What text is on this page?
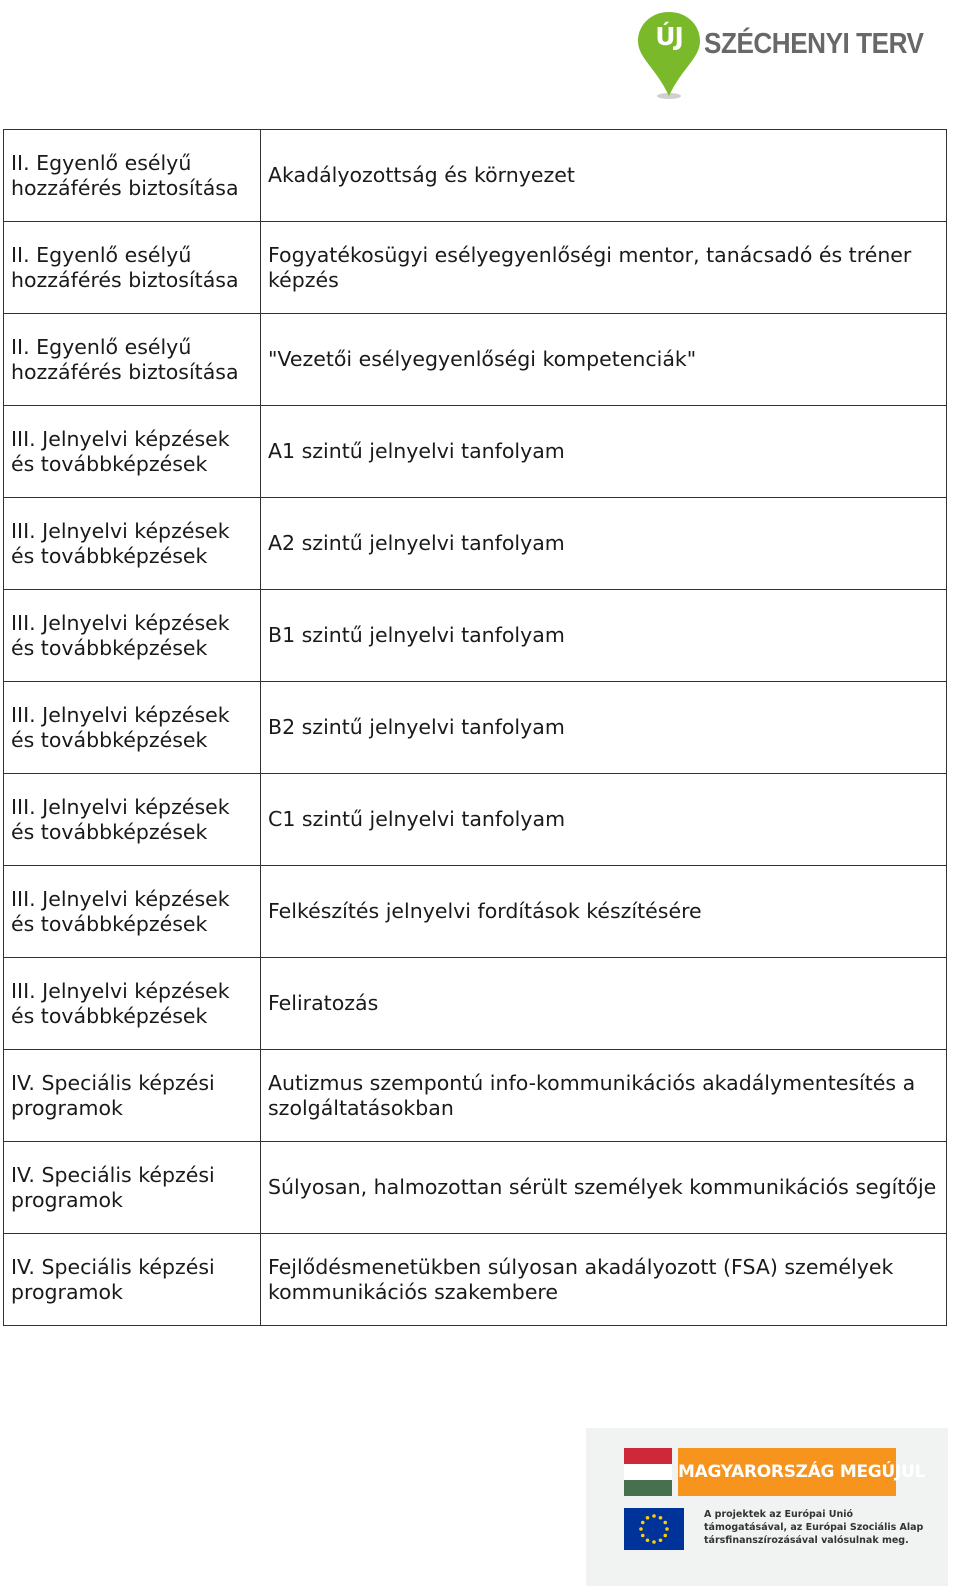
ÚJ SZÉCHENYI TERV
II. Egyenlő esélyű hozzáférés biztosítása	Akadályozottság és környezet
II. Egyenlő esélyű hozzáférés biztosítása	Fogyatékosügyi esélyegyenlőségi mentor, tanácsadó és tréner képzés
II. Egyenlő esélyű hozzáférés biztosítása	"Vezetői esélyegyenlőségi kompetenciák"
III. Jelnyelvi képzések és továbbképzések	A1 szintű jelnyelvi tanfolyam
III. Jelnyelvi képzések és továbbképzések	A2 szintű jelnyelvi tanfolyam
III. Jelnyelvi képzések és továbbképzések	B1 szintű jelnyelvi tanfolyam
III. Jelnyelvi képzések és továbbképzések	B2 szintű jelnyelvi tanfolyam
III. Jelnyelvi képzések és továbbképzések	C1 szintű jelnyelvi tanfolyam
III. Jelnyelvi képzések és továbbképzések	Felkészítés jelnyelvi fordítások készítésére
III. Jelnyelvi képzések és továbbképzések	Feliratozás
IV. Speciális képzési programok	Autizmus szempontú info-kommunikációs akadálymentesítés a szolgáltatásokban
IV. Speciális képzési programok	Súlyosan, halmozottan sérült személyek kommunikációs segítője
IV. Speciális képzési programok	Fejlődésmenetükben súlyosan akadályozott (FSA) személyek kommunikációs szakembere
MAGYARORSZÁG MEGÚJUL
A projektek az Európai Unió
támogatásával, az Európai Szociális Alap
társfinanszírozásával valósulnak meg.
